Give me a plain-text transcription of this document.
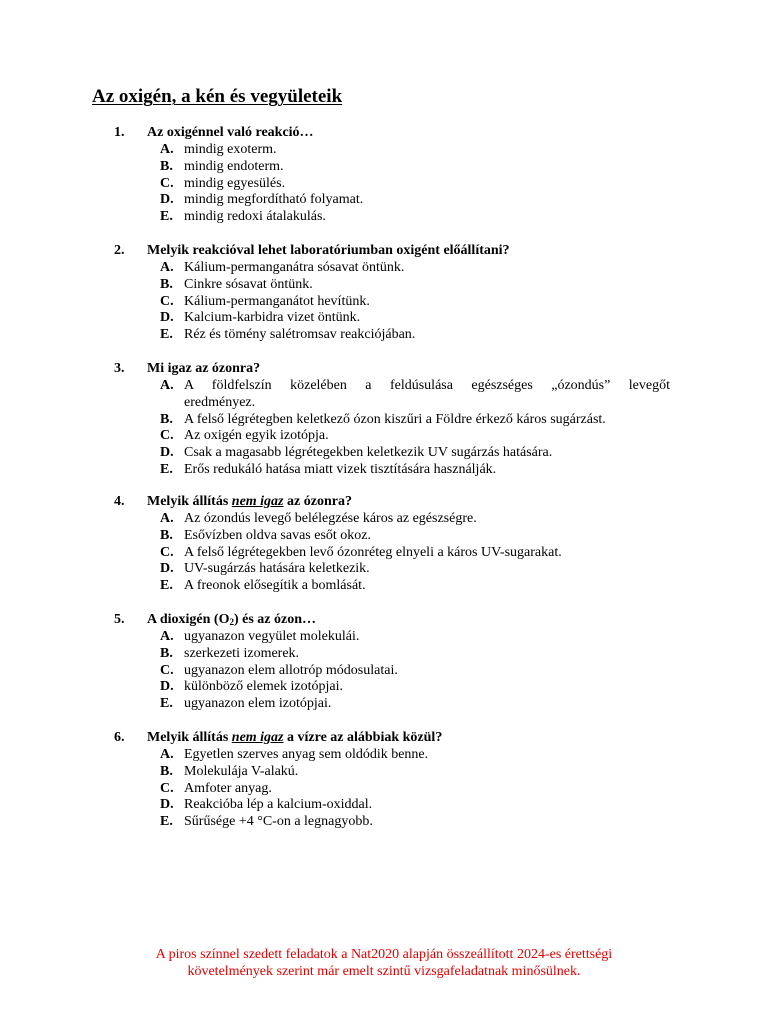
Az oxigén, a kén és vegyületeik
1.	Az oxigénnel való reakció…
A. mindig exoterm.
B. mindig endoterm.
C. mindig egyesülés.
D. mindig megfordítható folyamat.
E. mindig redoxi átalakulás.
2.	Melyik reakcióval lehet laboratóriumban oxigént előállítani?
A. Kálium-permanganátra sósavat öntünk.
B. Cinkre sósavat öntünk.
C. Kálium-permanganátot hevítünk.
D. Kalcium-karbidra vizet öntünk.
E. Réz és tömény salétromsav reakciójában.
3.	Mi igaz az ózonra?
A. A földfelszín közelében a feldúsulása egészséges „ózondús” levegőt
eredményez.
B. A felső légrétegben keletkező ózon kiszűri a Földre érkező káros sugárzást.
C. Az oxigén egyik izotópja.
D. Csak a magasabb légrétegekben keletkezik UV sugárzás hatására.
E. Erős redukáló hatása miatt vizek tisztítására használják.
4.	Melyik állítás nem igaz az ózonra?
A. Az ózondús levegő belélegzése káros az egészségre.
B. Esővízben oldva savas esőt okoz.
C. A felső légrétegekben levő ózonréteg elnyeli a káros UV-sugarakat.
D. UV-sugárzás hatására keletkezik.
E. A freonok elősegítik a bomlását.
5.	A dioxigén $(O_2)$ és az ózon…
A. ugyanazon vegyület molekulái.
B. szerkezeti izomerek.
C. ugyanazon elem allotróp módosulatai.
D. különböző elemek izotópjai.
E. ugyanazon elem izotópjai.
6.	Melyik állítás nem igaz a vízre az alábbiak közül?
A. Egyetlen szerves anyag sem oldódik benne.
B. Molekulája V-alakú.
C. Amfoter anyag.
D. Reakcióba lép a kalcium-oxiddal.
E. Sűrűsége +4 °C-on a legnagyobb.
A piros színnel szedett feladatok a Nat2020 alapján összeállított 2024-es érettségi
követelmények szerint már emelt szintű vizsgafeladatnak minősülnek.
